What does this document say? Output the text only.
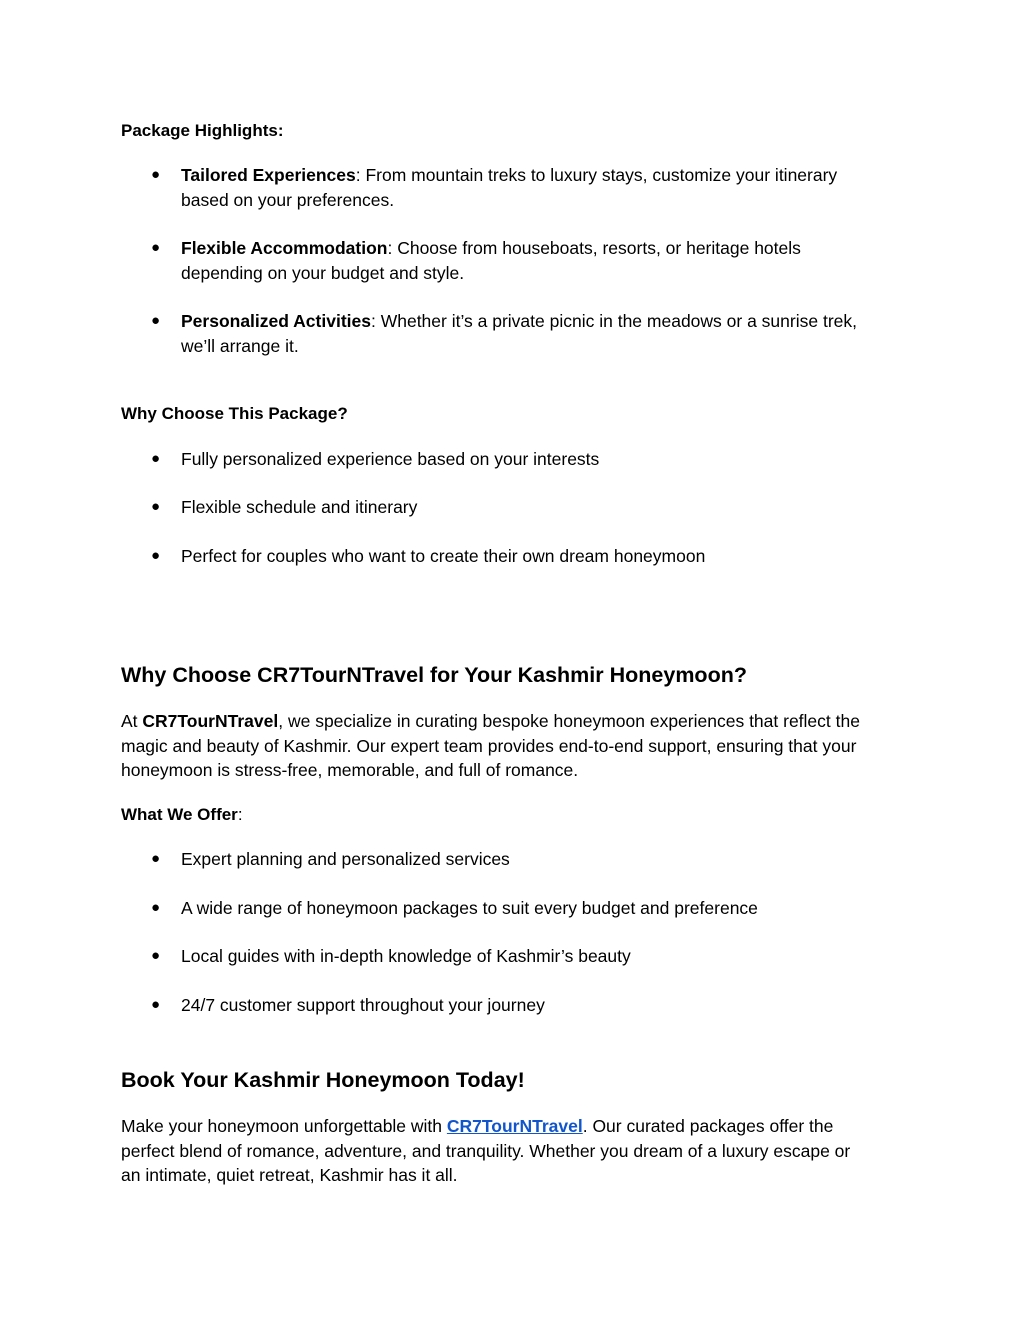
Package Highlights:
● Tailored Experiences: From mountain treks to luxury stays, customize your itinerary

based on your preferences.

● Flexible Accommodation: Choose from houseboats, resorts, or heritage hotels

depending on your budget and style.

● Personalized Activities: Whether it’s a private picnic in the meadows or a sunrise trek,

we’ll arrange it.

Why Choose This Package?
● Fully personalized experience based on your interests
● Flexible schedule and itinerary
● Perfect for couples who want to create their own dream honeymoon
Why Choose CR7TourNTravel for Your Kashmir Honeymoon?

At CR7TourNTravel, we specialize in curating bespoke honeymoon experiences that reflect the

magic and beauty of Kashmir. Our expert team provides end-to-end support, ensuring that your

honeymoon is stress-free, memorable, and full of romance.

What We Offer:
● Expert planning and personalized services
● A wide range of honeymoon packages to suit every budget and preference
● Local guides with in-depth knowledge of Kashmir’s beauty
● 24/7 customer support throughout your journey
Book Your Kashmir Honeymoon Today!

Make your honeymoon unforgettable with CR7TourNTravel. Our curated packages offer the

perfect blend of romance, adventure, and tranquility. Whether you dream of a luxury escape or

an intimate, quiet retreat, Kashmir has it all.
